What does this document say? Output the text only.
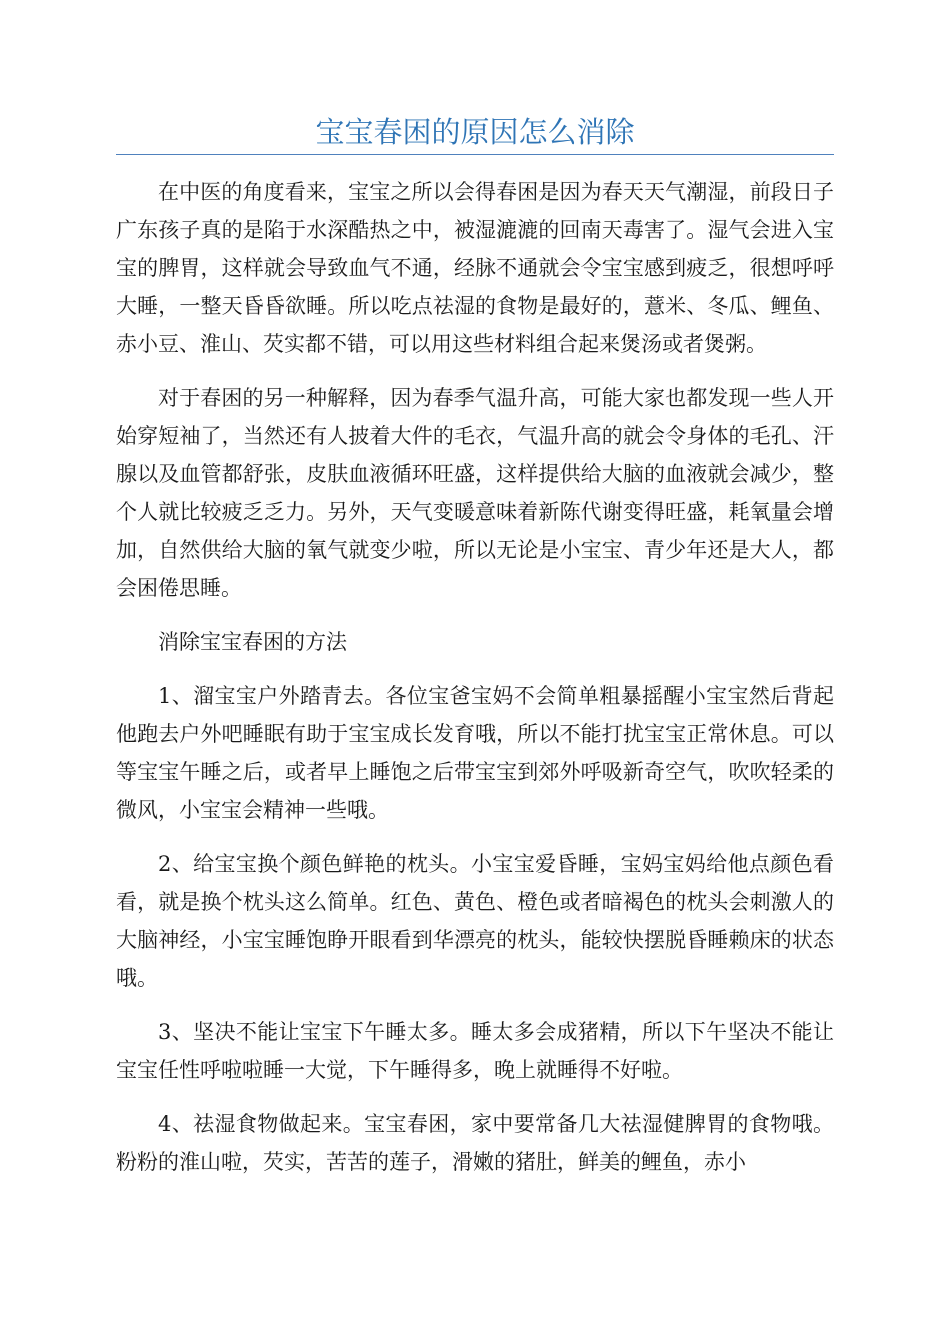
宝宝春困的原因怎么消除

在中医的角度看来，宝宝之所以会得春困是因为春天天气潮湿，前段日子广东孩子真的是陷于水深酷热之中，被湿漉漉的回南天毒害了。湿气会进入宝宝的脾胃，这样就会导致血气不通，经脉不通就会令宝宝感到疲乏，很想呼呼大睡，一整天昏昏欲睡。所以吃点祛湿的食物是最好的，薏米、冬瓜、鲤鱼、赤小豆、淮山、芡实都不错，可以用这些材料组合起来煲汤或者煲粥。

对于春困的另一种解释，因为春季气温升高，可能大家也都发现一些人开始穿短袖了，当然还有人披着大件的毛衣，气温升高的就会令身体的毛孔、汗腺以及血管都舒张，皮肤血液循环旺盛，这样提供给大脑的血液就会减少，整个人就比较疲乏乏力。另外，天气变暖意味着新陈代谢变得旺盛，耗氧量会增加，自然供给大脑的氧气就变少啦，所以无论是小宝宝、青少年还是大人，都会困倦思睡。

消除宝宝春困的方法

1、溜宝宝户外踏青去。各位宝爸宝妈不会简单粗暴摇醒小宝宝然后背起他跑去户外吧睡眠有助于宝宝成长发育哦，所以不能打扰宝宝正常休息。可以等宝宝午睡之后，或者早上睡饱之后带宝宝到郊外呼吸新奇空气，吹吹轻柔的微风，小宝宝会精神一些哦。

2、给宝宝换个颜色鲜艳的枕头。小宝宝爱昏睡，宝妈宝妈给他点颜色看看，就是换个枕头这么简单。红色、黄色、橙色或者暗褐色的枕头会刺激人的大脑神经，小宝宝睡饱睁开眼看到华漂亮的枕头，能较快摆脱昏睡赖床的状态哦。

3、坚决不能让宝宝下午睡太多。睡太多会成猪精，所以下午坚决不能让宝宝任性呼啦啦睡一大觉，下午睡得多，晚上就睡得不好啦。

4、祛湿食物做起来。宝宝春困，家中要常备几大祛湿健脾胃的食物哦。粉粉的淮山啦，芡实，苦苦的莲子，滑嫩的猪肚，鲜美的鲤鱼，赤小
